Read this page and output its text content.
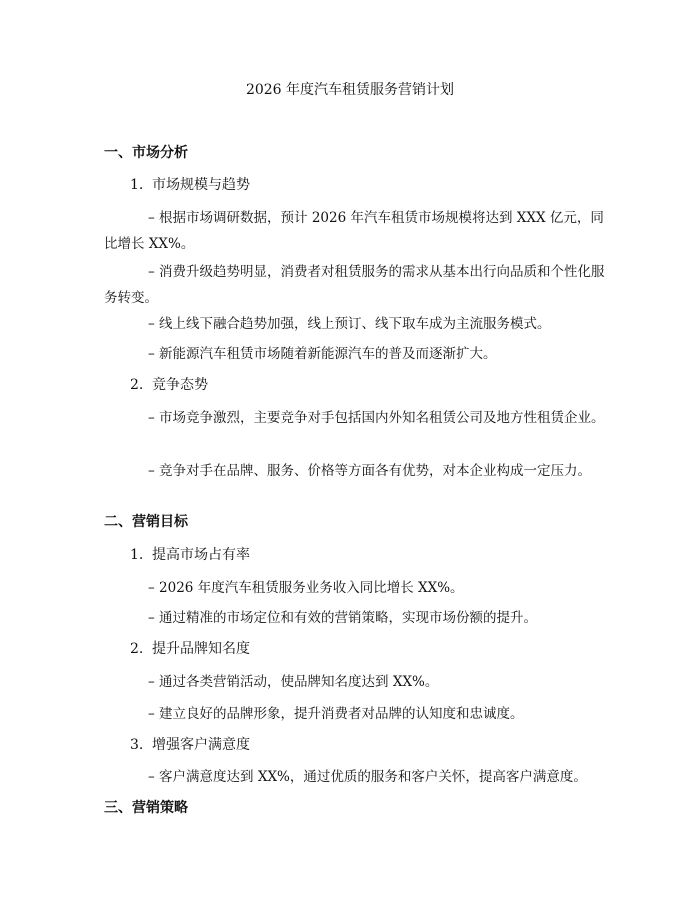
2026 年度汽车租赁服务营销计划
一、市场分析
1. 市场规模与趋势

– 根据市场调研数据，预计 2026 年汽车租赁市场规模将达到 XXX 亿元，同比增长 XX%。

– 消费升级趋势明显，消费者对租赁服务的需求从基本出行向品质和个性化服务转变。

– 线上线下融合趋势加强，线上预订、线下取车成为主流服务模式。

– 新能源汽车租赁市场随着新能源汽车的普及而逐渐扩大。

2. 竞争态势

– 市场竞争激烈，主要竞争对手包括国内外知名租赁公司及地方性租赁企业。

– 竞争对手在品牌、服务、价格等方面各有优势，对本企业构成一定压力。

二、营销目标
1. 提高市场占有率

– 2026 年度汽车租赁服务业务收入同比增长 XX%。

– 通过精准的市场定位和有效的营销策略，实现市场份额的提升。

2. 提升品牌知名度

– 通过各类营销活动，使品牌知名度达到 XX%。

– 建立良好的品牌形象，提升消费者对品牌的认知度和忠诚度。

3. 增强客户满意度

– 客户满意度达到 XX%，通过优质的服务和客户关怀，提高客户满意度。

三、营销策略
